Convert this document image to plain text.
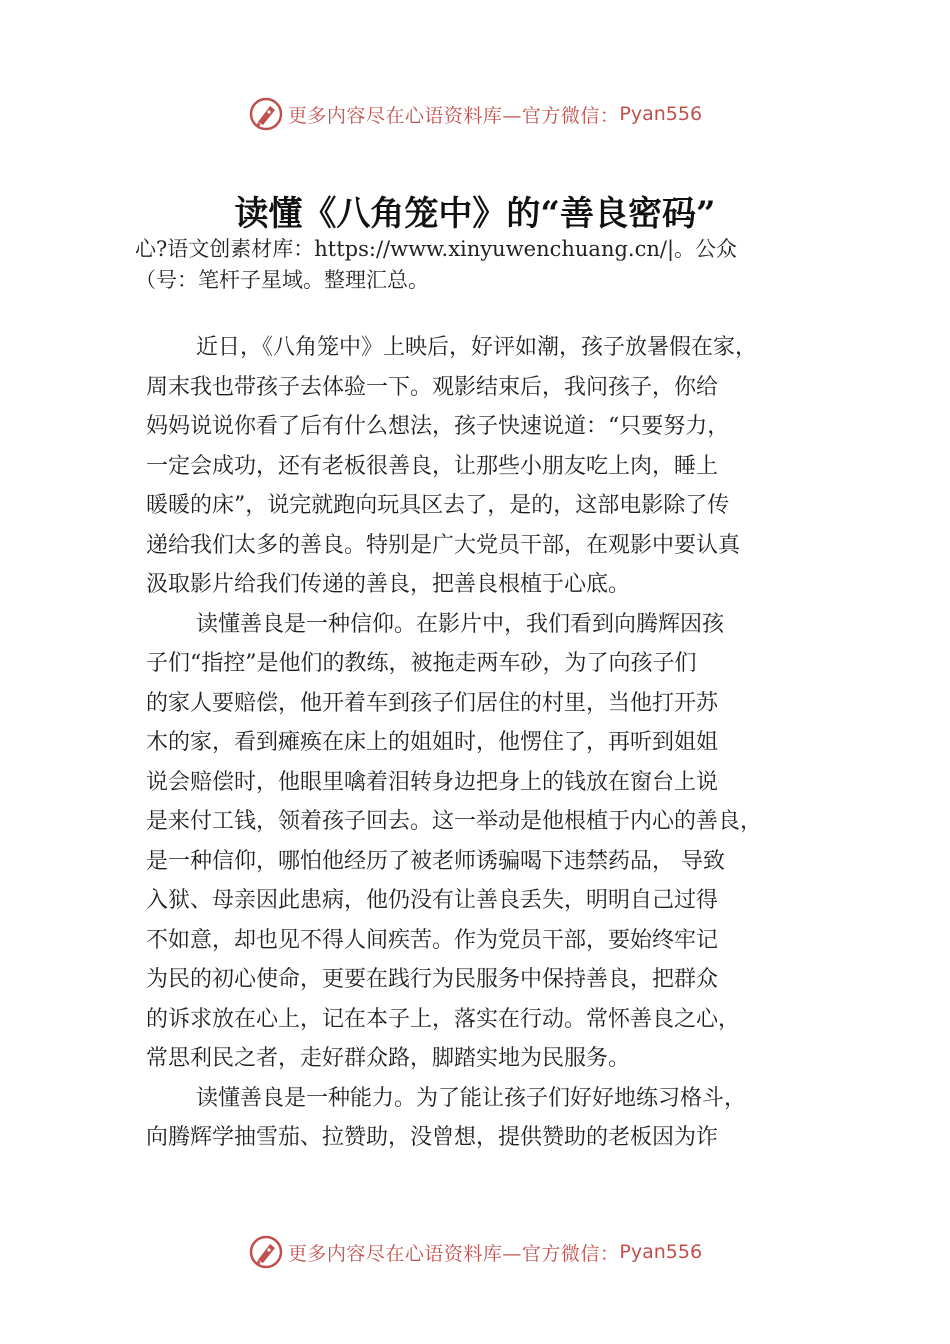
更多内容尽在心语资料库—官方微信： Pyan556
读懂《八角笼中》的“善良密码”
心?语文创素材库：https://www.xinyuwenchuang.cn/|。公众
（号：笔杆子星域。整理汇总。
近日，《八角笼中》上映后，好评如潮，孩子放暑假在家，
周末我也带孩子去体验一下。观影结束后，我问孩子，你给
妈妈说说你看了后有什么想法，孩子快速说道：“只要努力，
一定会成功，还有老板很善良，让那些小朋友吃上肉，睡上
暖暖的床”，说完就跑向玩具区去了，是的，这部电影除了传
递给我们太多的善良。特别是广大党员干部，在观影中要认真
汲取影片给我们传递的善良，把善良根植于心底。
读懂善良是一种信仰。在影片中，我们看到向腾辉因孩
子们“指控”是他们的教练，被拖走两车砂，为了向孩子们
的家人要赔偿，他开着车到孩子们居住的村里，当他打开苏
木的家，看到瘫痪在床上的姐姐时，他愣住了，再听到姐姐
说会赔偿时，他眼里噙着泪转身边把身上的钱放在窗台上说
是来付工钱，领着孩子回去。这一举动是他根植于内心的善良，
是一种信仰，哪怕他经历了被老师诱骗喝下违禁药品， 导致
入狱、母亲因此患病，他仍没有让善良丢失，明明自己过得
不如意，却也见不得人间疾苦。作为党员干部，要始终牢记
为民的初心使命，更要在践行为民服务中保持善良，把群众
的诉求放在心上，记在本子上，落实在行动。常怀善良之心，
常思利民之者，走好群众路，脚踏实地为民服务。
读懂善良是一种能力。为了能让孩子们好好地练习格斗，
向腾辉学抽雪茄、拉赞助，没曾想，提供赞助的老板因为诈
更多内容尽在心语资料库—官方微信： Pyan556
